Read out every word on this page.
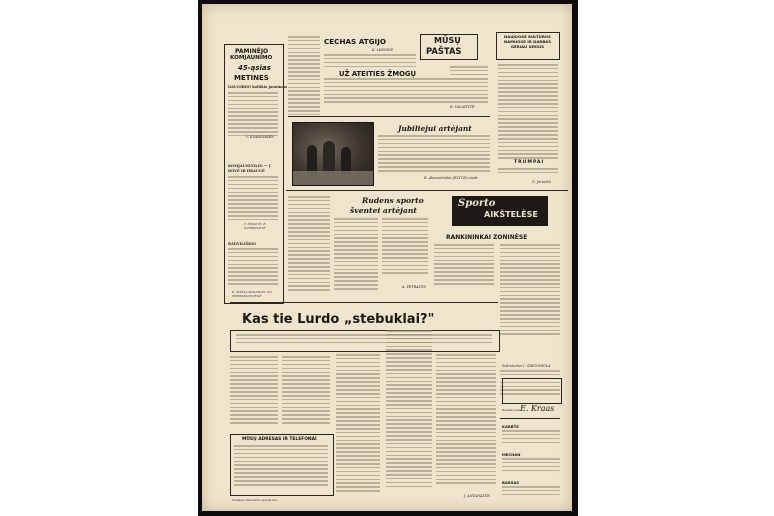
PAMINĖJO
KOMJAUNIMO
45-ąsias
METINES
DAUGIRDO kolūkio jaunimas
V. KVARDLEIEN
KOMJAUNUOLIO — Į DOVĖ IR DRAUGĖ
V. ŠIMAITĖ, R. GUMBINAITĖ
RADVILIŠKIO
R. MAŽALAKAUSKAS, VO. MERKMINUVIENĖ
CECHAS ATGIJO
K. LIMONIS
MŪSŲ
PAŠTAS
UŽ ATEITIES ŽMOGŲ
R. VALAITYTĖ
Jubiliejui artėjant
R. Akinavičiūtės (ELTOS) nuotr.
NAUJUOSE KULTŪROS NAMUOSE IR DARBAS GERIAU SEKSIS
TRUMPAI
G. Juravičė
Rudens sporto
šventei artėjant
A. PETRAITIS
Sporto
AIKŠTELĖSE
RANKININKAI ZONINĖSE
Sekretorius I. GRIGONIOLA
Kas tie Lurdo „stebuklai?"
J. ANTANAITIS
MŪSŲ ADRESAS IR TELEFONAI
Užsakas Panevėžio spaustuvė
Redaktorius E. Kraas
KARBTE
MECHAN
BARŠAS
